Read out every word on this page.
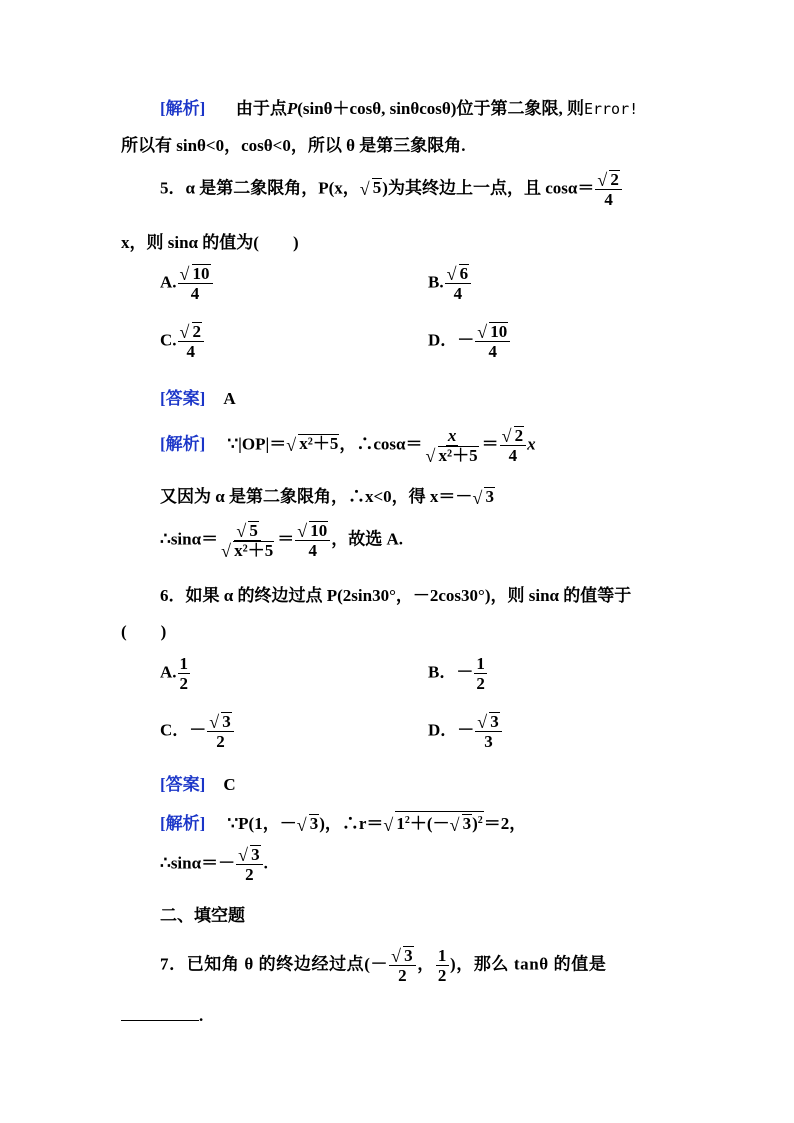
[解析] 由于点P(sinθ＋cosθ, sinθcosθ)位于第二象限, 则Error!
所以有 sinθ<0，cosθ<0，所以 θ 是第三象限角.
5．α 是第二象限角，P(x，√ 5)为其终边上一点，且 cosα＝
√ $\frac{2}{4}$
x，则 sinα 的值为(　　)
A.
√ $\frac{10}{4}$	B.
√ $\frac{6}{4}$
C.
√ $\frac{2}{4}$	D．－
√ $\frac{10}{4}$
[答案] A
[解析] ∵|OP|＝√ x²＋5，∴cosα＝ x
√ x²＋5 ＝
√ $\frac{2}{4}$ x
又因为 α 是第二象限角，∴x<0，得 x＝－√ 3
∴sinα＝
√ 5
√ x²＋5 ＝
√ $\frac{10}{4}$ ，故选 A.
6．如果 α 的终边过点 P(2sin30°，－2cos30°)，则 sinα 的值等于
(　　)
A. $\frac{1}{2}$	B．－ $\frac{1}{2}$
C．－
√ $\frac{3}{2}$	D．－
√ $\frac{3}{3}$
[答案] C
[解析] ∵P(1，－√ 3)，∴r＝√ $1^2+(-√$ 3)$^2$＝2，
∴sinα＝－
√ $\frac{3}{2}$ .
二、填空题
7．已知角 θ 的终边经过点(－
√ $\frac{3}{2}$ ， $\frac{1}{2}$ )，那么 tanθ 的值是
.
